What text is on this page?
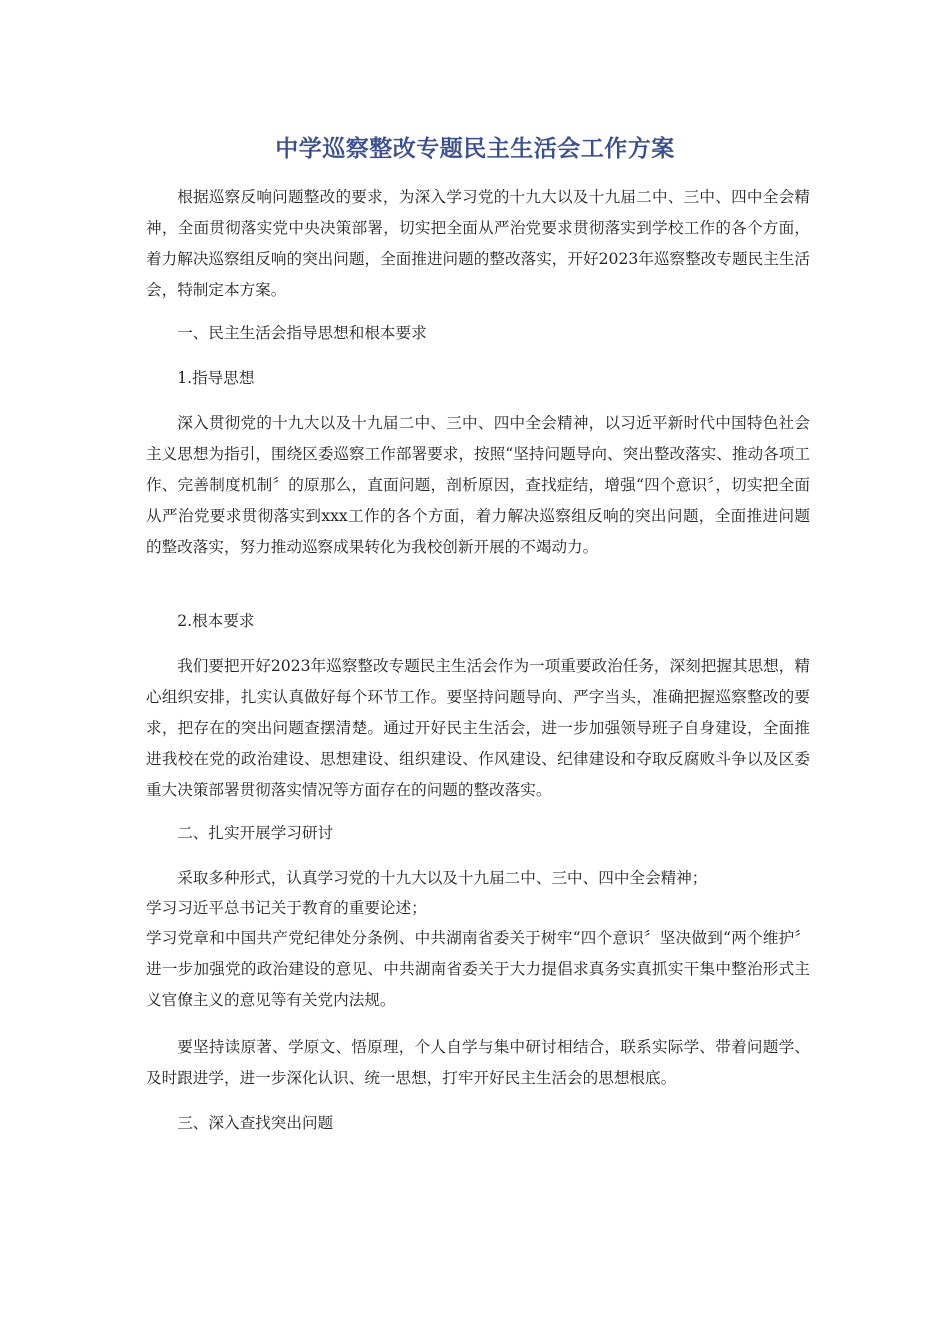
中学巡察整改专题民主生活会工作方案

根据巡察反响问题整改的要求，为深入学习党的十九大以及十九届二中、三中、四中全会精神，全面贯彻落实党中央决策部署，切实把全面从严治党要求贯彻落实到学校工作的各个方面，着力解决巡察组反响的突出问题，全面推进问题的整改落实，开好2023年巡察整改专题民主生活会，特制定本方案。

一、民主生活会指导思想和根本要求

1.指导思想

深入贯彻党的十九大以及十九届二中、三中、四中全会精神，以习近平新时代中国特色社会主义思想为指引，围绕区委巡察工作部署要求，按照“坚持问题导向、突出整改落实、推动各项工作、完善制度机制〞的原那么，直面问题，剖析原因，查找症结，增强“四个意识〞，切实把全面从严治党要求贯彻落实到xxx工作的各个方面，着力解决巡察组反响的突出问题，全面推进问题的整改落实，努力推动巡察成果转化为我校创新开展的不竭动力。

2.根本要求

我们要把开好2023年巡察整改专题民主生活会作为一项重要政治任务，深刻把握其思想，精心组织安排，扎实认真做好每个环节工作。要坚持问题导向、严字当头，准确把握巡察整改的要求，把存在的突出问题查摆清楚。通过开好民主生活会，进一步加强领导班子自身建设，全面推进我校在党的政治建设、思想建设、组织建设、作风建设、纪律建设和夺取反腐败斗争以及区委重大决策部署贯彻落实情况等方面存在的问题的整改落实。

二、扎实开展学习研讨

采取多种形式，认真学习党的十九大以及十九届二中、三中、四中全会精神；

学习习近平总书记关于教育的重要论述；

学习党章和中国共产党纪律处分条例、中共湖南省委关于树牢“四个意识〞坚决做到“两个维护〞进一步加强党的政治建设的意见、中共湖南省委关于大力提倡求真务实真抓实干集中整治形式主义官僚主义的意见等有关党内法规。

要坚持读原著、学原文、悟原理，个人自学与集中研讨相结合，联系实际学、带着问题学、及时跟进学，进一步深化认识、统一思想，打牢开好民主生活会的思想根底。

三、深入查找突出问题
